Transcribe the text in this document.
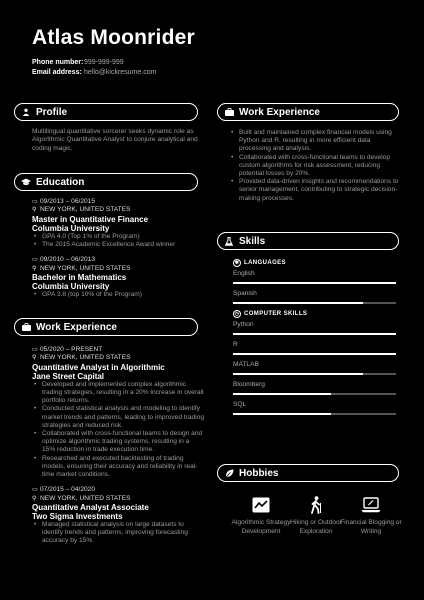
Atlas Moonrider
Phone number:999-999-999
Email address: hello@kickresume.com
Profile
Multilingual quantitative sorcerer seeks dynamic role as Algorithmic Quantitative Analyst to conjure analytical and coding magic.
Education
▭ 09/2013 – 06/2015
⚲ NEW YORK, UNITED STATES
Master in Quantitative Finance
Columbia University
• GPA 4.0 (Top 1% of the Program)
• The 2015 Academic Excellence Award winner
▭ 09/2010 – 06/2013
⚲ NEW YORK, UNITED STATES
Bachelor in Mathematics
Columbia University
• GPA 3.8 (top 10% of the Program)
Work Experience
▭ 05/2020 – PRESENT
⚲ NEW YORK, UNITED STATES
Quantitative Analyst in Algorithmic
Jane Street Capital
• Developed and implemented complex algorithmic trading strategies, resulting in a 20% increase in overall portfolio returns.
• Conducted statistical analysis and modeling to identify market trends and patterns, leading to improved trading strategies and reduced risk.
• Collaborated with cross-functional teams to design and optimize algorithmic trading systems, resulting in a 15% reduction in trade execution time.
• Researched and executed backtesting of trading models, ensuring their accuracy and reliability in real-time market conditions.
▭ 07/2015 – 04/2020
⚲ NEW YORK, UNITED STATES
Quantitative Analyst Associate
Two Sigma Investments
• Managed statistical analysis on large datasets to identify trends and patterns, improving forecasting accuracy by 15%.
Work Experience
• Built and maintained complex financial models using Python and R, resulting in more efficient data processing and analysis.
• Collaborated with cross-functional teams to develop custom algorithms for risk assessment, reducing potential losses by 20%.
• Provided data-driven insights and recommendations to senior management, contributing to strategic decision-making processes.
Skills
✱ LANGUAGES
English
Spanish
◷ COMPUTER SKILLS
Python
R
MATLAB
Bloomberg
SQL
Hobbies
Algorithmic Strategy Development
Hiking or Outdoor Exploration
Financial Blogging or Writing
